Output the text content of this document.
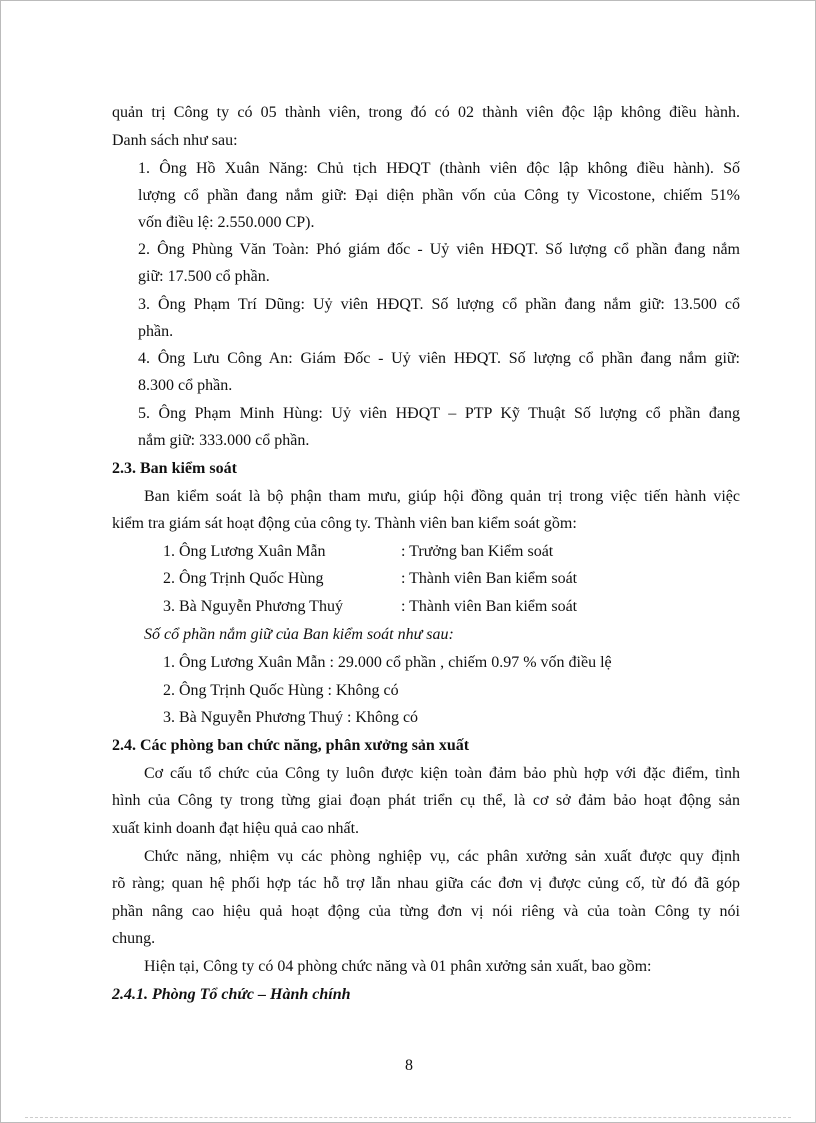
quản trị Công ty có 05 thành viên, trong đó có 02 thành viên độc lập không điều hành.
Danh sách như sau:
1. Ông Hồ Xuân Năng: Chủ tịch HĐQT (thành viên độc lập không điều hành). Số
lượng cổ phần đang nắm giữ: Đại diện phần vốn của Công ty Vicostone, chiếm 51%
vốn điều lệ: 2.550.000 CP).
2. Ông Phùng Văn Toàn: Phó giám đốc - Uỷ viên HĐQT. Số lượng cổ phần đang nắm
giữ: 17.500 cổ phần.
3. Ông Phạm Trí Dũng: Uỷ viên HĐQT. Số lượng cổ phần đang nắm giữ: 13.500 cổ
phần.
4. Ông Lưu Công An: Giám Đốc - Uỷ viên HĐQT. Số lượng cổ phần đang nắm giữ:
8.300 cổ phần.
5. Ông Phạm Minh Hùng: Uỷ viên HĐQT – PTP Kỹ Thuật Số lượng cổ phần đang
nắm giữ: 333.000 cổ phần.
2.3. Ban kiểm soát
Ban kiểm soát là bộ phận tham mưu, giúp hội đồng quản trị trong việc tiến hành việc
kiểm tra giám sát hoạt động của công ty. Thành viên ban kiểm soát gồm:
1. Ông Lương Xuân Mẫn	: Trưởng ban Kiểm soát
2. Ông Trịnh Quốc Hùng	: Thành viên Ban kiểm soát
3. Bà Nguyễn Phương Thuý	: Thành viên Ban kiểm soát
Số cổ phần nắm giữ của Ban kiểm soát như sau:
1. Ông Lương Xuân Mẫn : 29.000 cổ phần , chiếm 0.97 % vốn điều lệ
2. Ông Trịnh Quốc Hùng : Không có
3. Bà Nguyễn Phương Thuý : Không có
2.4. Các phòng ban chức năng, phân xưởng sản xuất
Cơ cấu tổ chức của Công ty luôn được kiện toàn đảm bảo phù hợp với đặc điểm, tình
hình của Công ty trong từng giai đoạn phát triển cụ thể, là cơ sở đảm bảo hoạt động sản
xuất kinh doanh đạt hiệu quả cao nhất.
Chức năng, nhiệm vụ các phòng nghiệp vụ, các phân xưởng sản xuất được quy định
rõ ràng; quan hệ phối hợp tác hỗ trợ lẫn nhau giữa các đơn vị được củng cố, từ đó đã góp
phần nâng cao hiệu quả hoạt động của từng đơn vị nói riêng và của toàn Công ty nói
chung.
Hiện tại, Công ty có 04 phòng chức năng và 01 phân xưởng sản xuất, bao gồm:
2.4.1. Phòng Tổ chức – Hành chính
8
